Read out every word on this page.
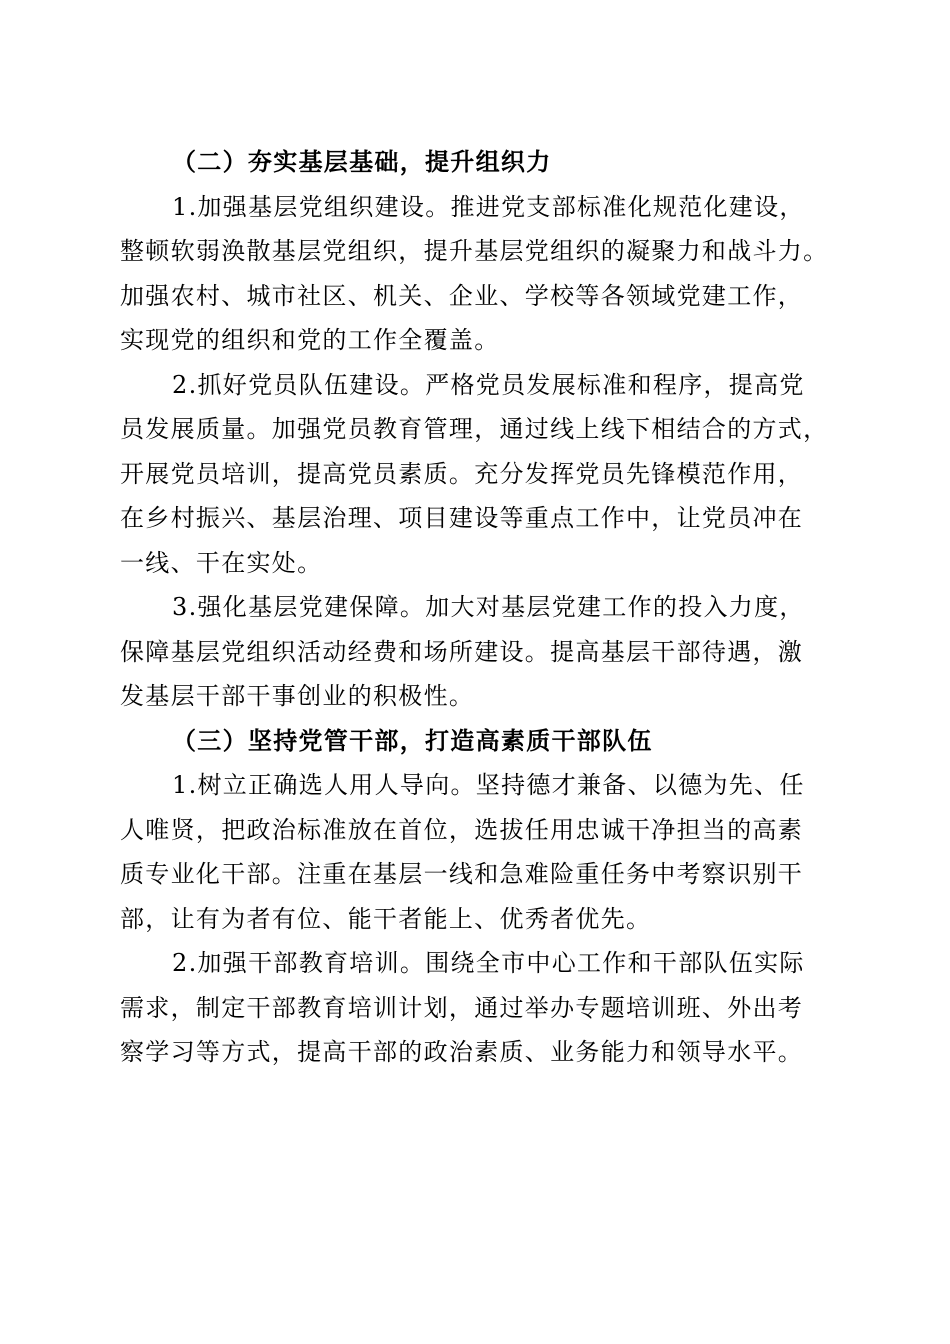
（二）夯实基层基础，提升组织力
1.加强基层党组织建设。推进党支部标准化规范化建设，
整顿软弱涣散基层党组织，提升基层党组织的凝聚力和战斗力。
加强农村、城市社区、机关、企业、学校等各领域党建工作，
实现党的组织和党的工作全覆盖。
2.抓好党员队伍建设。严格党员发展标准和程序，提高党
员发展质量。加强党员教育管理，通过线上线下相结合的方式，
开展党员培训，提高党员素质。充分发挥党员先锋模范作用，
在乡村振兴、基层治理、项目建设等重点工作中，让党员冲在
一线、干在实处。
3.强化基层党建保障。加大对基层党建工作的投入力度，
保障基层党组织活动经费和场所建设。提高基层干部待遇，激
发基层干部干事创业的积极性。
（三）坚持党管干部，打造高素质干部队伍
1.树立正确选人用人导向。坚持德才兼备、以德为先、任
人唯贤，把政治标准放在首位，选拔任用忠诚干净担当的高素
质专业化干部。注重在基层一线和急难险重任务中考察识别干
部，让有为者有位、能干者能上、优秀者优先。
2.加强干部教育培训。围绕全市中心工作和干部队伍实际
需求，制定干部教育培训计划，通过举办专题培训班、外出考
察学习等方式，提高干部的政治素质、业务能力和领导水平。
